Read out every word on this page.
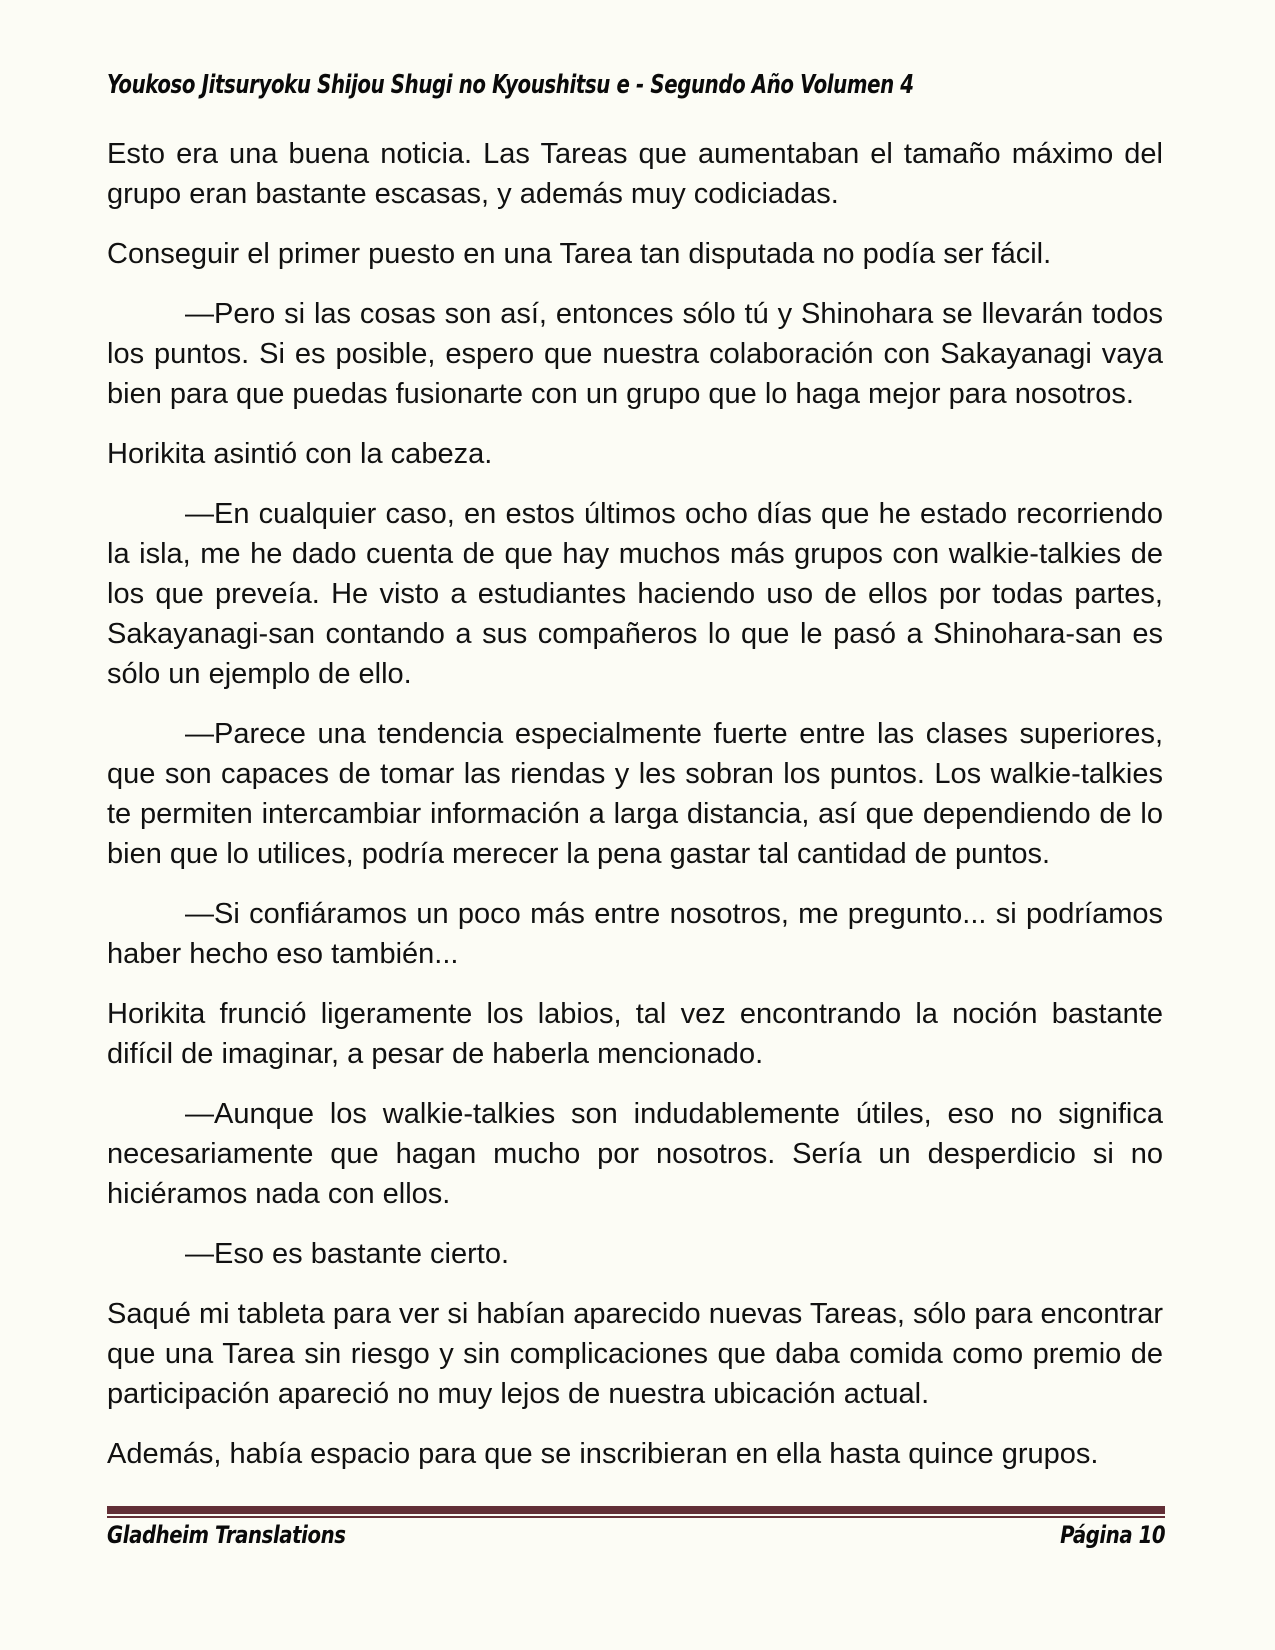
Youkoso Jitsuryoku Shijou Shugi no Kyoushitsu e - Segundo Año Volumen 4

Esto era una buena noticia. Las Tareas que aumentaban el tamaño máximo del grupo eran bastante escasas, y además muy codiciadas.

Conseguir el primer puesto en una Tarea tan disputada no podía ser fácil.

—Pero si las cosas son así, entonces sólo tú y Shinohara se llevarán todos los puntos. Si es posible, espero que nuestra colaboración con Sakayanagi vaya bien para que puedas fusionarte con un grupo que lo haga mejor para nosotros.

Horikita asintió con la cabeza.

—En cualquier caso, en estos últimos ocho días que he estado recorriendo la isla, me he dado cuenta de que hay muchos más grupos con walkie-talkies de los que preveía. He visto a estudiantes haciendo uso de ellos por todas partes, Sakayanagi-san contando a sus compañeros lo que le pasó a Shinohara-san es sólo un ejemplo de ello.

—Parece una tendencia especialmente fuerte entre las clases superiores, que son capaces de tomar las riendas y les sobran los puntos. Los walkie-talkies te permiten intercambiar información a larga distancia, así que dependiendo de lo bien que lo utilices, podría merecer la pena gastar tal cantidad de puntos.

—Si confiáramos un poco más entre nosotros, me pregunto... si podríamos haber hecho eso también...

Horikita frunció ligeramente los labios, tal vez encontrando la noción bastante difícil de imaginar, a pesar de haberla mencionado.

—Aunque los walkie-talkies son indudablemente útiles, eso no significa necesariamente que hagan mucho por nosotros. Sería un desperdicio si no hiciéramos nada con ellos.

—Eso es bastante cierto.

Saqué mi tableta para ver si habían aparecido nuevas Tareas, sólo para encontrar que una Tarea sin riesgo y sin complicaciones que daba comida como premio de participación apareció no muy lejos de nuestra ubicación actual.

Además, había espacio para que se inscribieran en ella hasta quince grupos.

Gladheim Translations	Página 10
